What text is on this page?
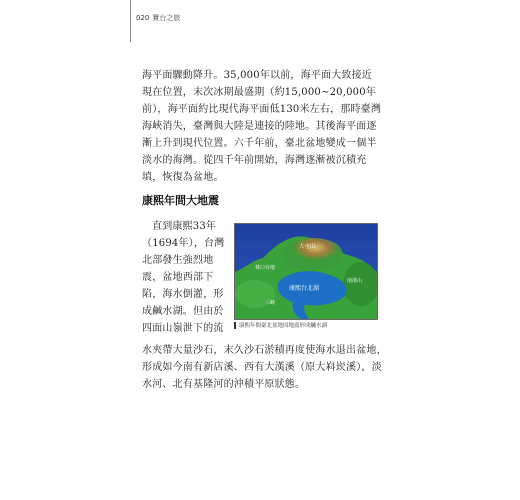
020 寶台之旅

海平面驟動降升。35,000年以前，海平面大致接近現在位置，末次冰期最盛期（約15,000~20,000年前），海平面約比現代海平面低130米左右，那時臺灣海峽消失，臺灣與大陸是連接的陸地。其後海平面逐漸上升到現代位置。六千年前，臺北盆地變成一個半淡水的海灣。從四千年前開始，海灣逐漸被沉積充填，恢復為盆地。

康熙年間大地震

直到康熙33年（1694年），台灣北部發生強烈地震，盆地西部下陷，海水倒灌，形成鹹水湖。但由於四面山嶺泄下的流

大屯山
林口台地
康熙台北湖
南港山
三峽
康熙年間臺北盆地因地震形成鹹水湖

水夾帶大量沙石，末久沙石淤積再度使海水退出盆地，形成如今南有新店溪、西有大漢溪（原大嵙崁溪），淡水河、北有基隆河的沖積平原狀態。
